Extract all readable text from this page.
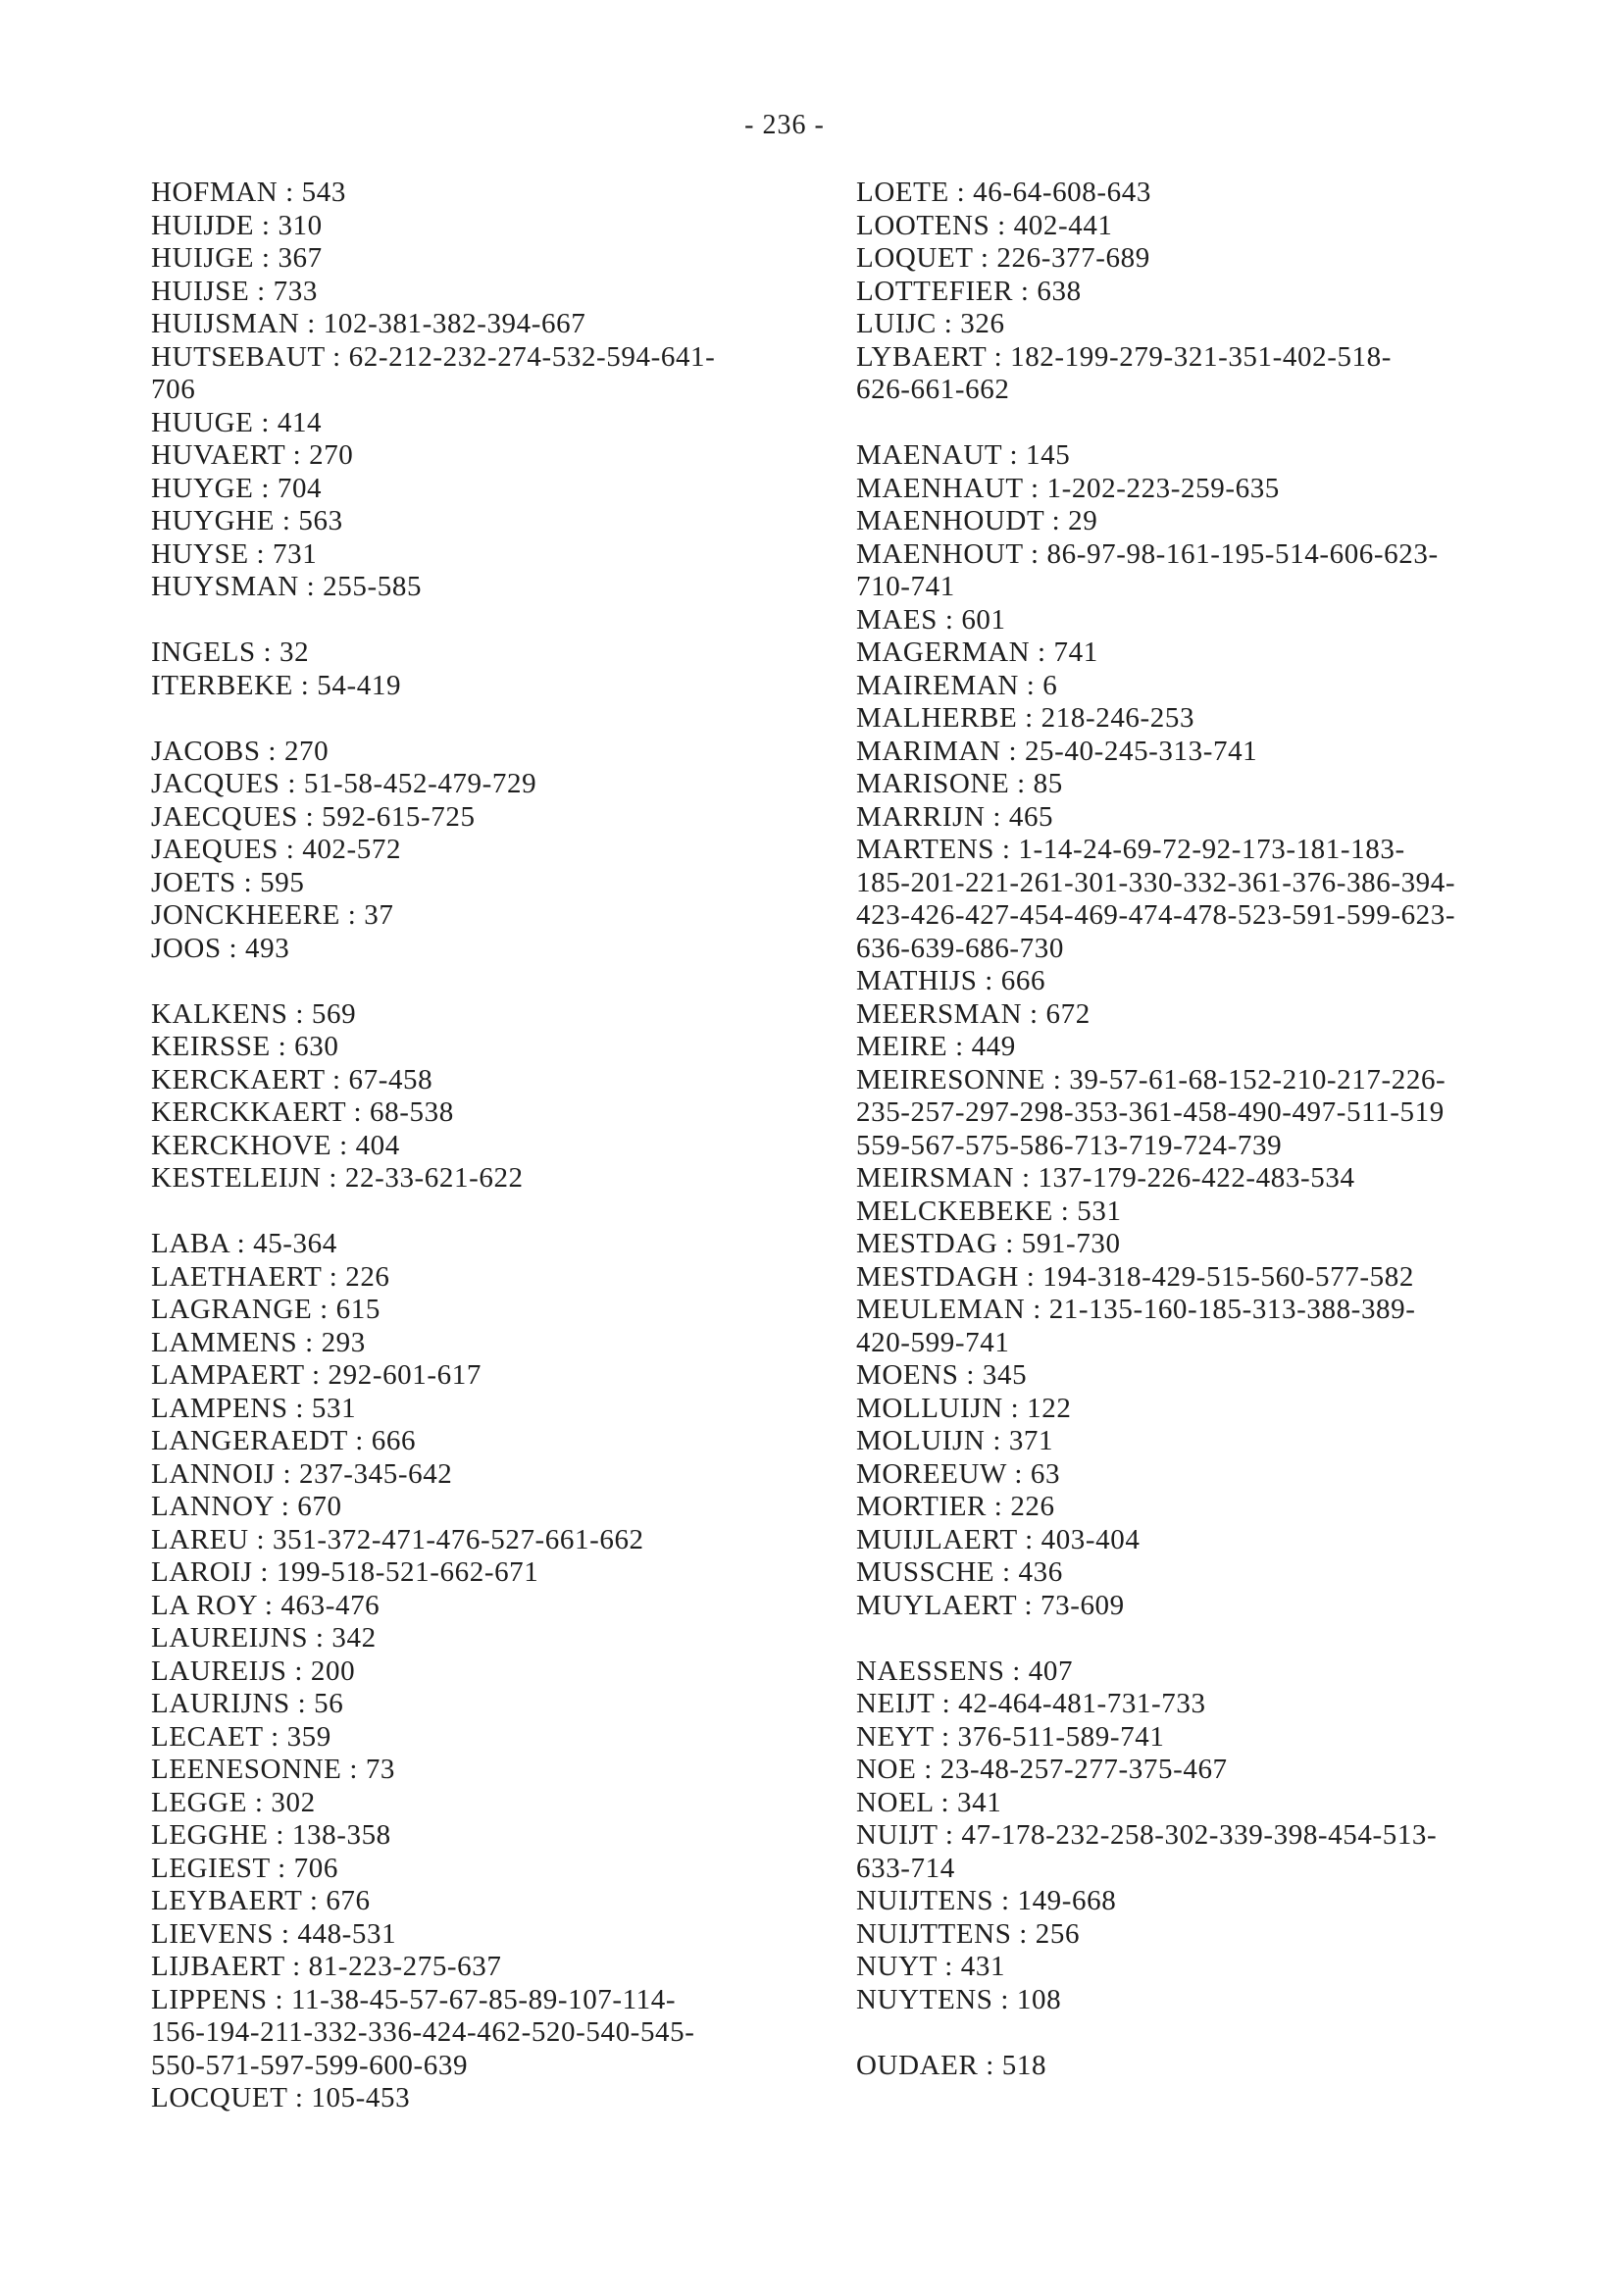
- 236 -
HOFMAN : 543
HUIJDE : 310
HUIJGE : 367
HUIJSE : 733
HUIJSMAN : 102-381-382-394-667
HUTSEBAUT : 62-212-232-274-532-594-641-
706
HUUGE : 414
HUVAERT : 270
HUYGE : 704
HUYGHE : 563
HUYSE : 731
HUYSMAN : 255-585
INGELS : 32
ITERBEKE : 54-419
JACOBS : 270
JACQUES : 51-58-452-479-729
JAECQUES : 592-615-725
JAEQUES : 402-572
JOETS : 595
JONCKHEERE : 37
JOOS : 493
KALKENS : 569
KEIRSSE : 630
KERCKAERT : 67-458
KERCKKAERT : 68-538
KERCKHOVE : 404
KESTELEIJN : 22-33-621-622
LABA : 45-364
LAETHAERT : 226
LAGRANGE : 615
LAMMENS : 293
LAMPAERT : 292-601-617
LAMPENS : 531
LANGERAEDT : 666
LANNOIJ : 237-345-642
LANNOY : 670
LAREU : 351-372-471-476-527-661-662
LAROIJ : 199-518-521-662-671
LA ROY : 463-476
LAUREIJNS : 342
LAUREIJS : 200
LAURIJNS : 56
LECAET : 359
LEENESONNE : 73
LEGGE : 302
LEGGHE : 138-358
LEGIEST : 706
LEYBAERT : 676
LIEVENS : 448-531
LIJBAERT : 81-223-275-637
LIPPENS : 11-38-45-57-67-85-89-107-114-
156-194-211-332-336-424-462-520-540-545-
550-571-597-599-600-639
LOCQUET : 105-453
LOETE : 46-64-608-643
LOOTENS : 402-441
LOQUET : 226-377-689
LOTTEFIER : 638
LUIJC : 326
LYBAERT : 182-199-279-321-351-402-518-
626-661-662
MAENAUT : 145
MAENHAUT : 1-202-223-259-635
MAENHOUDT : 29
MAENHOUT : 86-97-98-161-195-514-606-623-
710-741
MAES : 601
MAGERMAN : 741
MAIREMAN : 6
MALHERBE : 218-246-253
MARIMAN : 25-40-245-313-741
MARISONE : 85
MARRIJN : 465
MARTENS : 1-14-24-69-72-92-173-181-183-
185-201-221-261-301-330-332-361-376-386-394-
423-426-427-454-469-474-478-523-591-599-623-
636-639-686-730
MATHIJS : 666
MEERSMAN : 672
MEIRE : 449
MEIRESONNE : 39-57-61-68-152-210-217-226-
235-257-297-298-353-361-458-490-497-511-519
559-567-575-586-713-719-724-739
MEIRSMAN : 137-179-226-422-483-534
MELCKEBEKE : 531
MESTDAG : 591-730
MESTDAGH : 194-318-429-515-560-577-582
MEULEMAN : 21-135-160-185-313-388-389-
420-599-741
MOENS : 345
MOLLUIJN : 122
MOLUIJN : 371
MOREEUW : 63
MORTIER : 226
MUIJLAERT : 403-404
MUSSCHE : 436
MUYLAERT : 73-609
NAESSENS : 407
NEIJT : 42-464-481-731-733
NEYT : 376-511-589-741
NOE : 23-48-257-277-375-467
NOEL : 341
NUIJT : 47-178-232-258-302-339-398-454-513-
633-714
NUIJTENS : 149-668
NUIJTTENS : 256
NUYT : 431
NUYTENS : 108
OUDAER : 518
